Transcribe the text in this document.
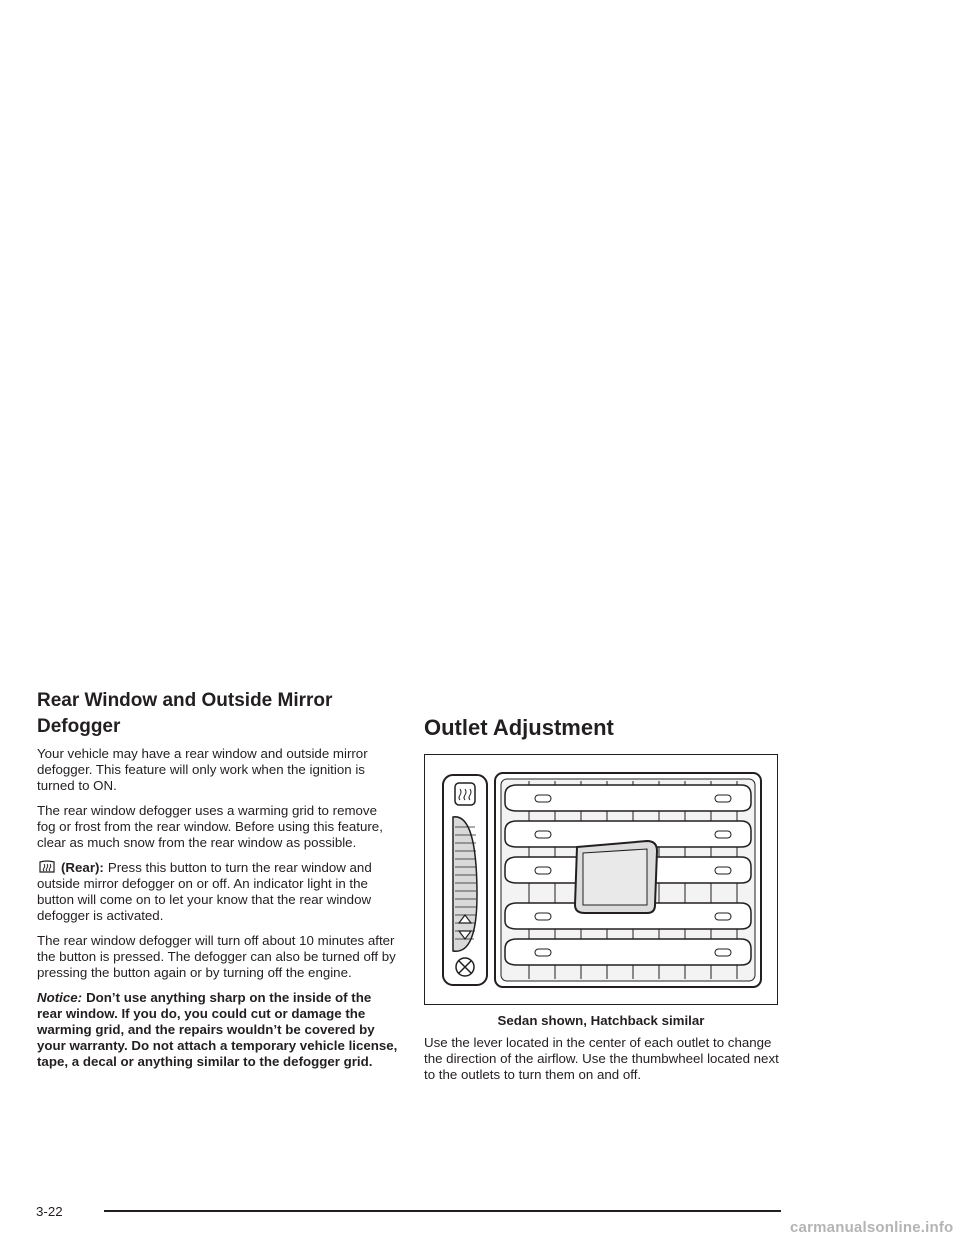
Rear Window and Outside Mirror
Defogger

Your vehicle may have a rear window and outside mirror defogger. This feature will only work when the ignition is turned to ON.

The rear window defogger uses a warming grid to remove fog or frost from the rear window. Before using this feature, clear as much snow from the rear window as possible.

(Rear): Press this button to turn the rear window and outside mirror defogger on or off. An indicator light in the button will come on to let your know that the rear window defogger is activated.

The rear window defogger will turn off about 10 minutes after the button is pressed. The defogger can also be turned off by pressing the button again or by turning off the engine.

Notice: Don’t use anything sharp on the inside of the rear window. If you do, you could cut or damage the warming grid, and the repairs wouldn’t be covered by your warranty. Do not attach a temporary vehicle license, tape, a decal or anything similar to the defogger grid.

Outlet Adjustment
Sedan shown, Hatchback similar

Use the lever located in the center of each outlet to change the direction of the airflow. Use the thumbwheel located next to the outlets to turn them on and off.

3-22
carmanualsonline.info
